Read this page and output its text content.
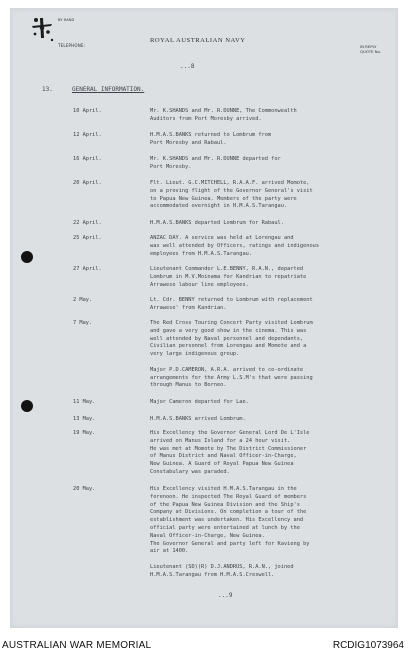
BY HAND
TELEPHONE:
ROYAL AUSTRALIAN NAVY
IN REPLY
QUOTE No.
...8
13.	GENERAL INFORMATION.
10 April.	Mr. K.SHANDS and Mr. R.DUNNE, The Commonwealth
Auditors from Port Moresby arrived.
12 April.	H.M.A.S.BANKS returned to Lombrum from
Port Moresby and Rabaul.
16 April.	Mr. K.SHANDS and Mr. R.DUNNE departed for
Port Moresby.
20 April.	Flt. Lieut. G.C.MITCHELL, R.A.A.F. arrived Momote,
on a proving flight of the Governor General's visit
to Papua New Guinea. Members of the party were
accommodated overnight in H.M.A.S.Tarangau.
22 April.	H.M.A.S.BANKS departed Lombrum for Rabaul.
25 April.	ANZAC DAY. A service was held at Lorengau and
was well attended by Officers, ratings and indigenous
employees from H.M.A.S.Tarangau.
27 April.	Lieutenant Commander L.E.BENNY, R.A.N., departed
Lombrum in M.V.Moinama for Kandrian to repatriate
Arrawese labour line employees.
2 May.	Lt. Cdr. BENNY returned to Lombrum with replacement
Arrawese' from Kandrian.
7 May.	The Red Cross Touring Concert Party visited Lombrum
and gave a very good show in the cinema. This was
well attended by Naval personnel and dependants,
Civilian personnel from Lorengau and Momote and a
very large indigenous group.

Major P.D.CAMERON, A.R.A. arrived to co-ordinate
arrangements for the Army L.S.M's that were passing
through Manus to Borneo.
11 May.	Major Cameron departed for Lae.
13 May.	H.M.A.S.BANKS arrived Lombrum.
19 May.	His Excellency the Governor General Lord De L'Isle
arrived on Manus Island for a 24 hour visit.
He was met at Momote by The District Commissioner
of Manus District and Naval Officer-in-Charge,
New Guinea. A Guard of Royal Papua New Guinea
Constabulary was paraded.
20 May.	His Excellency visited H.M.A.S.Tarangau in the
forenoon. He inspected The Royal Guard of members
of the Papua New Guinea Division and the Ship's
Company at Divisions. On completion a tour of the
establishment was undertaken. His Excellency and
official party were entertained at lunch by the
Naval Officer-in-Charge, New Guinea.
The Governor General and party left for Kavieng by
air at 1400.

Lieutenant (SD)(R) D.J.ANDRUS, R.A.N., joined
H.M.A.S.Tarangau from H.M.A.S.Creswell.
...9
AUSTRALIAN WAR MEMORIAL	RCDIG1073964
